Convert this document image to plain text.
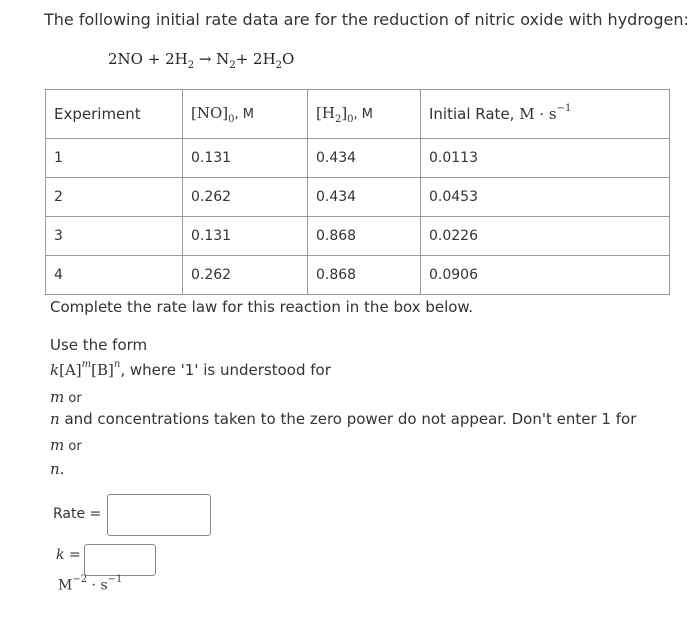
The following initial rate data are for the reduction of nitric oxide with hydrogen:
$2NO + 2H_2 \to N_2+ 2H_2O$
Experiment	$[NO]_0$, M	$[H_2]_0$, M	Initial Rate, $M \cdot s^{-1}$
1	0.131	0.434	0.0113
2	0.262	0.434	0.0453
3	0.131	0.868	0.0226
4	0.262	0.868	0.0906
Complete the rate law for this reaction in the box below.
Use the form
$k[A]^m[B]^n$, where '1' is understood for
m or
n and concentrations taken to the zero power do not appear. Don't enter 1 for
m or
n.
Rate =
k =
$M^{-2} \cdot s^{-1}$
